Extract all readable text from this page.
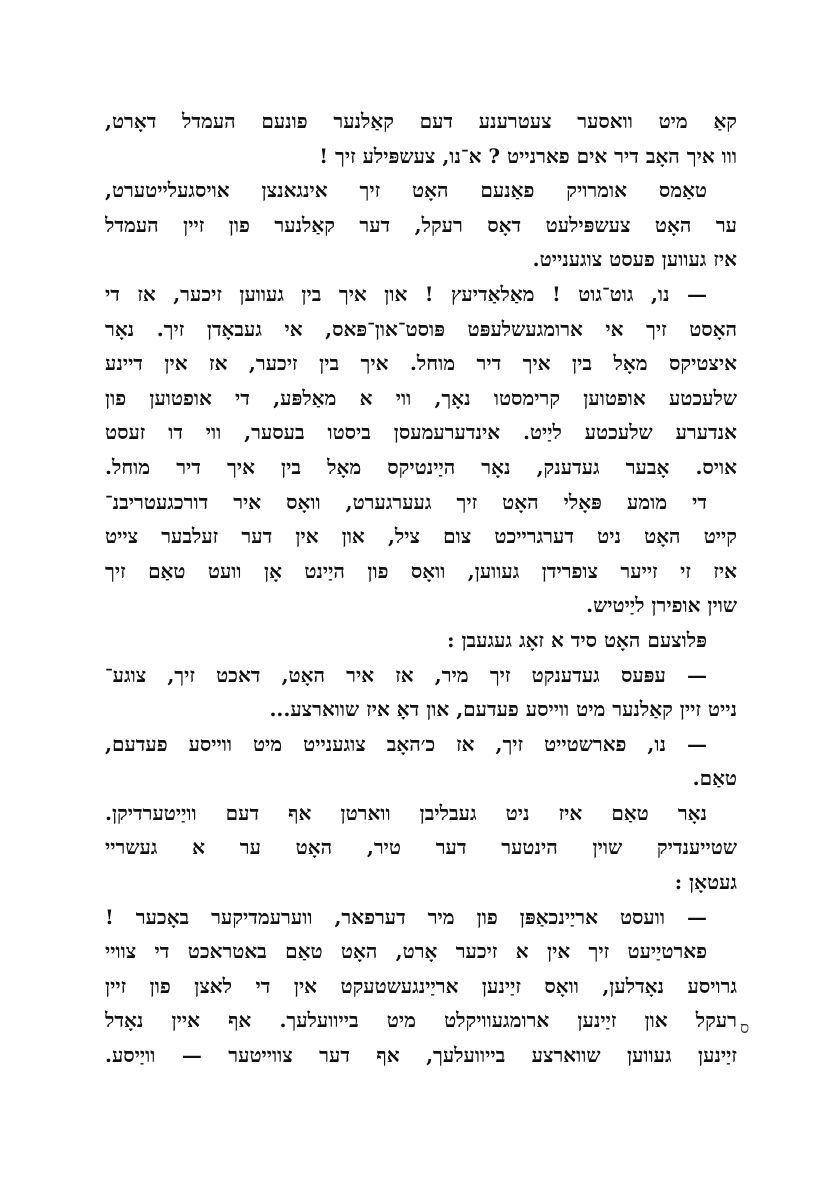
קאַ מיט וואסער צעטרענע דעם קאַלנער פונעם העמדל דאָרט,
ווו איך האָב דיר אים פארנייט ? א־נו, צעשפּילע זיך !
טאַמס אומרויק פאַנעם האָט זיך אינגאנצן אויסגעלייטערט,
ער האָט צעשפּילעט דאָס רעקל, דער קאַלנער פון זיין העמדל
איז געווען פעסט צוגענייט.
— נו, גוט־גוט ! מאַלאַדיעץ ! און איך בין געווען זיכער, אז די
האָסט זיך אי ארומגעשלעפּט פּוסט־און־פּאס, אי געבאָדן זיך. נאָר
איצטיקס מאָל בין איך דיר מוחל. איך בין זיכער, אז אין דיינע
שלעכטע אופטוען קרימסטו נאָך, ווי א מאַלפּע, די אופטוען פון
אנדערע שלעכטע ליַיט. אינדערעמעסן ביסטו בעסער, ווי דו זעסט
אויס. אָבער געדענק, נאָר היַינטיקס מאָל בין איך דיר מוחל.
די מומע פּאָלי האָט זיך געערגערט, וואָס איר דורכגעטריבנ־
קייט האָט ניט דערגרייכט צום ציל, און אין דער זעלבער צייט
איז זי זייער צופרידן געווען, וואָס פון היַינט אָן וועט טאַם זיך
שוין אופירן ליַיטיש.
פּלוצעם האָט סיד א זאָג געגעבן :
— עפּעס געדענקט זיך מיר, אז איר האָט, דאכט זיך, צוגע־
נייט זיין קאַלנער מיט ווייסע פעדעם, און דאָ איז שווארצע...
— נו, פארשטייט זיך, אז כ׳האָב צוגענייט מיט ווייסע פעדעם,
טאַם.
נאָר טאַם איז ניט געבליבן ווארטן אף דעם וויַיטערדיקן.
שטייענדיק שוין הינטער דער טיר, האָט ער א געשריי
געטאָן :
— וועסט אריַינכאַפּן פון מיר דערפאר, ווערעמדיקער באָכער !
פארטיַיעט זיך אין א זיכער אָרט, האָט טאַם באטראכט די צוויי
גרויסע נאָדלען, וואָס זיַינען אריַינגעשטעקט אין די לאצן פון זיין
רעקל און זיַינען ארומגעוויקלט מיט בייוועלעך. אף איין נאָדל
זיַינען געווען שווארצע בייוועלעך, אף דער צווייטער — וויַיסע.
ס
